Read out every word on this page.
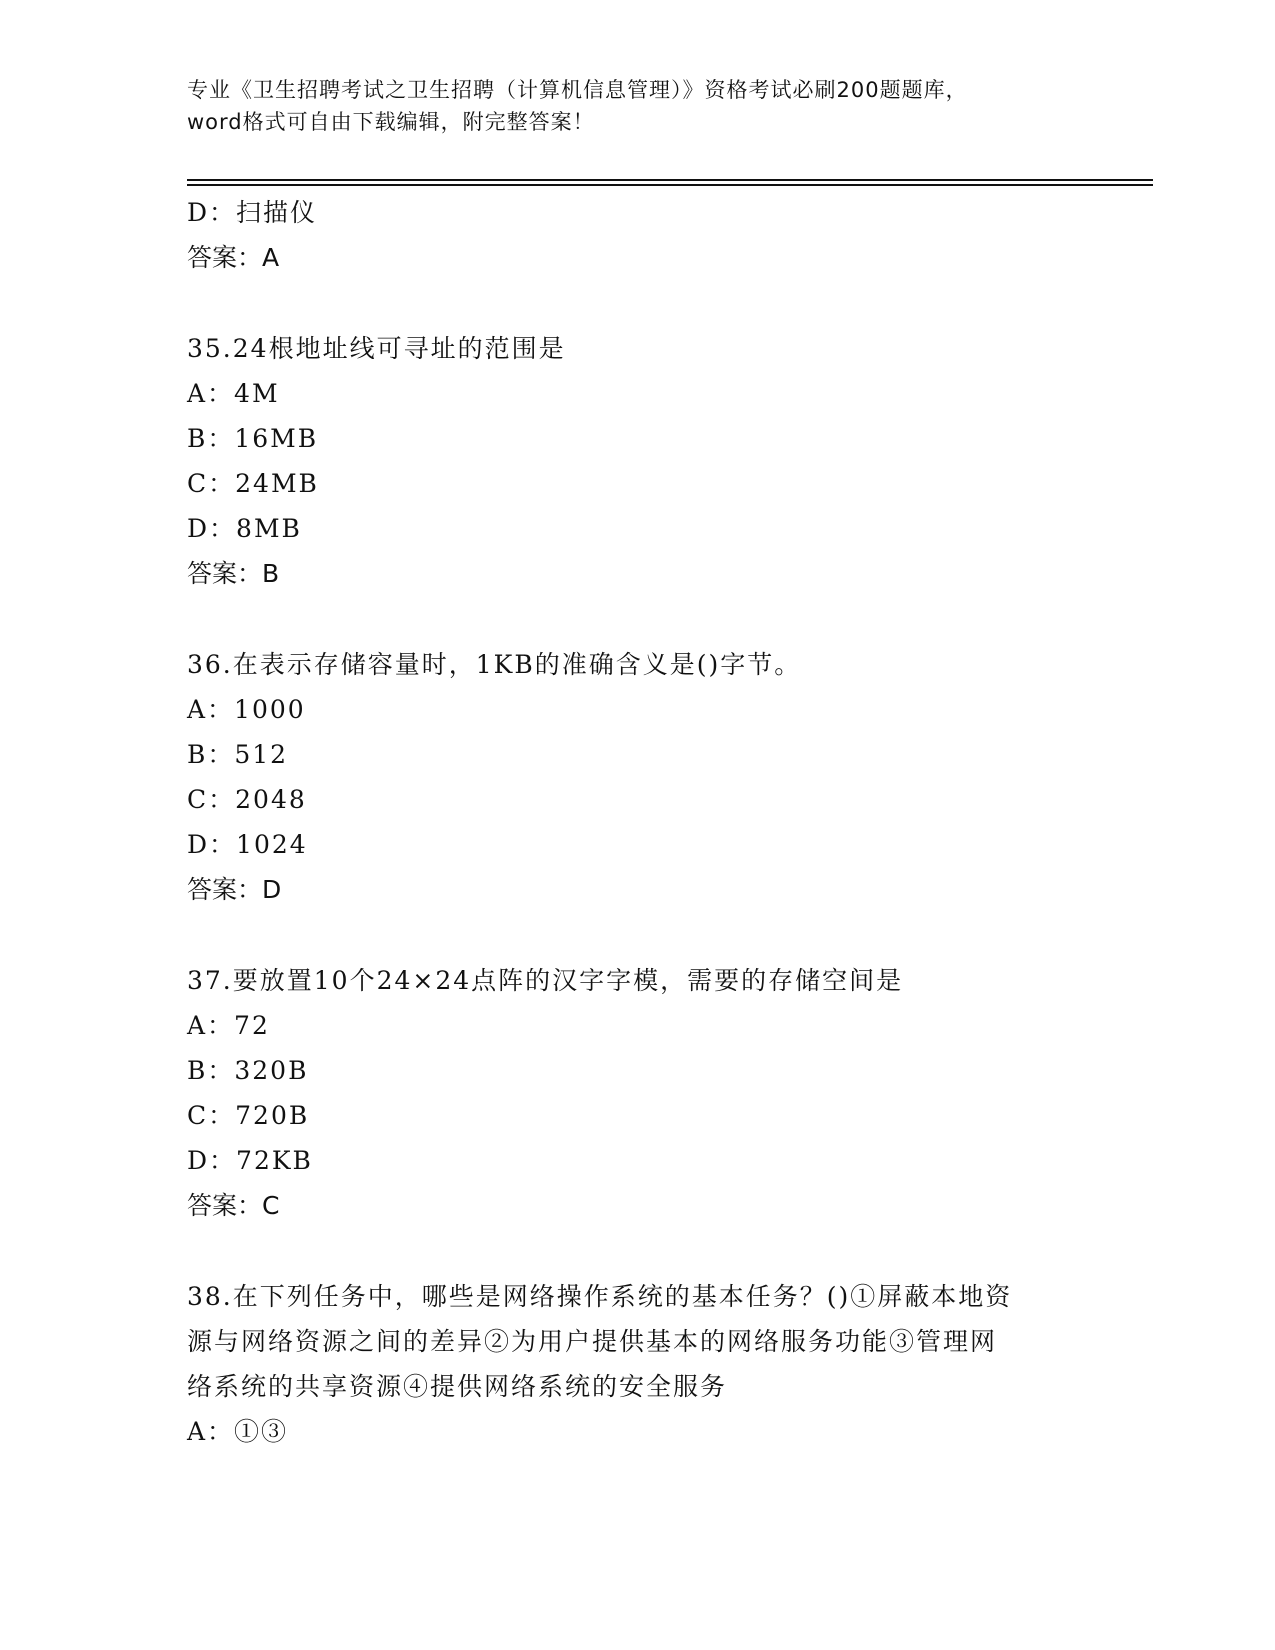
专业《卫生招聘考试之卫生招聘（计算机信息管理）》资格考试必刷200题题库，
word格式可自由下载编辑，附完整答案！
D：扫描仪
答案：A
35.24根地址线可寻址的范围是
A：4M
B：16MB
C：24MB
D：8MB
答案：B
36.在表示存储容量时，1KB的准确含义是()字节。
A：1000
B：512
C：2048
D：1024
答案：D
37.要放置10个24×24点阵的汉字字模，需要的存储空间是
A：72
B：320B
C：720B
D：72KB
答案：C
38.在下列任务中，哪些是网络操作系统的基本任务？()①屏蔽本地资
源与网络资源之间的差异②为用户提供基本的网络服务功能③管理网
络系统的共享资源④提供网络系统的安全服务
A：①③
